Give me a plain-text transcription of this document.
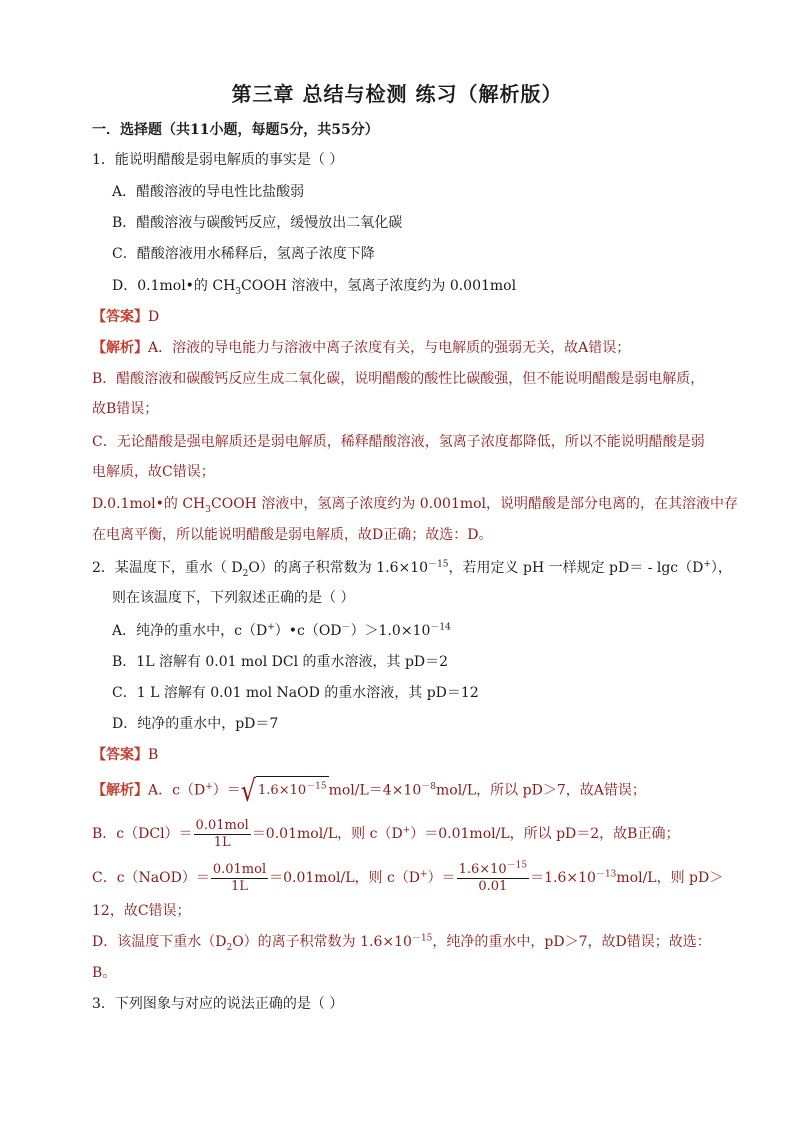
第三章 总结与检测 练习（解析版）
一．选择题（共11小题，每题5分，共55分）
1．能说明醋酸是弱电解质的事实是（ ）
A．醋酸溶液的导电性比盐酸弱
B．醋酸溶液与碳酸钙反应，缓慢放出二氧化碳
C．醋酸溶液用水稀释后，氢离子浓度下降
D．0.1mol•的 $CH_3COOH$ 溶液中，氢离子浓度约为 0.001mol
【答案】D
【解析】A．溶液的导电能力与溶液中离子浓度有关，与电解质的强弱无关，故A错误；
B．醋酸溶液和碳酸钙反应生成二氧化碳，说明醋酸的酸性比碳酸强，但不能说明醋酸是弱电解质，
故B错误；
C．无论醋酸是强电解质还是弱电解质，稀释醋酸溶液，氢离子浓度都降低，所以不能说明醋酸是弱
电解质，故C错误；
D.0.1mol•的 $CH_3COOH$ 溶液中，氢离子浓度约为 0.001mol，说明醋酸是部分电离的，在其溶液中存
在电离平衡，所以能说明醋酸是弱电解质，故D正确；故选：D。
2．某温度下，重水（ $D_2O$）的离子积常数为 $1.6\times 10^{-15}$，若用定义 pH 一样规定 pD＝ - lgc（D+），
则在该温度下，下列叙述正确的是（ ）
A．纯净的重水中，$c(D^+)•c(OD^-)>1.0\times 10^{-14}$
B．1L 溶解有 0.01 mol DCl 的重水溶液，其 pD＝2
C．1 L 溶解有 0.01 mol NaOD 的重水溶液，其 pD＝12
D．纯净的重水中，pD＝7
【答案】B
【解析】A．c（D+）＝√ $1.6\times 10^{-15}$ mol/$L=4\times 10^{-8}mol/L$，所以 pD＞7，故A错误；
B．$c(DCl)= \frac{\text{0.01mol}}{1L} =0.01mol/L$，则 c（D+）＝0.01mol/L，所以 pD＝2，故B正确；
C．c（NaOD）＝ $\frac{\text{0.01mol}}{1L} =0.01mol/L$，则 $c(D^+)= \frac{1.6\times 10^{-15}}{0.01} =1.6\times 10^{-13}mol/L$，则 pD＞
12，故C错误；
D．该温度下重水$(D_2O)$的离子积常数为 $1.6\times 10^{-15}$，纯净的重水中，pD＞7，故D错误；故选：
B。
3．下列图象与对应的说法正确的是（ ）
